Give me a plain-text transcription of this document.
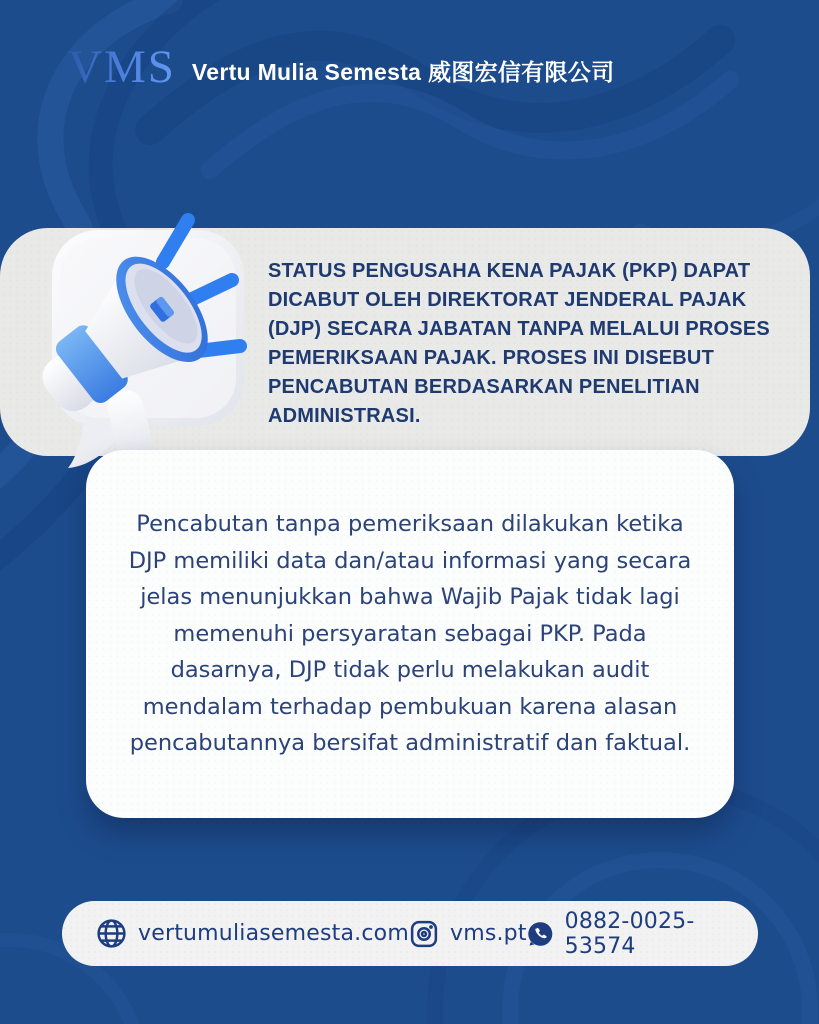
VMS Vertu Mulia Semesta 威图宏信有限公司
STATUS PENGUSAHA KENA PAJAK (PKP) DAPAT DICABUT OLEH DIREKTORAT JENDERAL PAJAK (DJP) SECARA JABATAN TANPA MELALUI PROSES PEMERIKSAAN PAJAK. PROSES INI DISEBUT PENCABUTAN BERDASARKAN PENELITIAN ADMINISTRASI.
Pencabutan tanpa pemeriksaan dilakukan ketika DJP memiliki data dan/atau informasi yang secara jelas menunjukkan bahwa Wajib Pajak tidak lagi memenuhi persyaratan sebagai PKP. Pada dasarnya, DJP tidak perlu melakukan audit mendalam terhadap pembukuan karena alasan pencabutannya bersifat administratif dan faktual.
vertumuliasemesta.com vms.pt 0882-0025-53574
